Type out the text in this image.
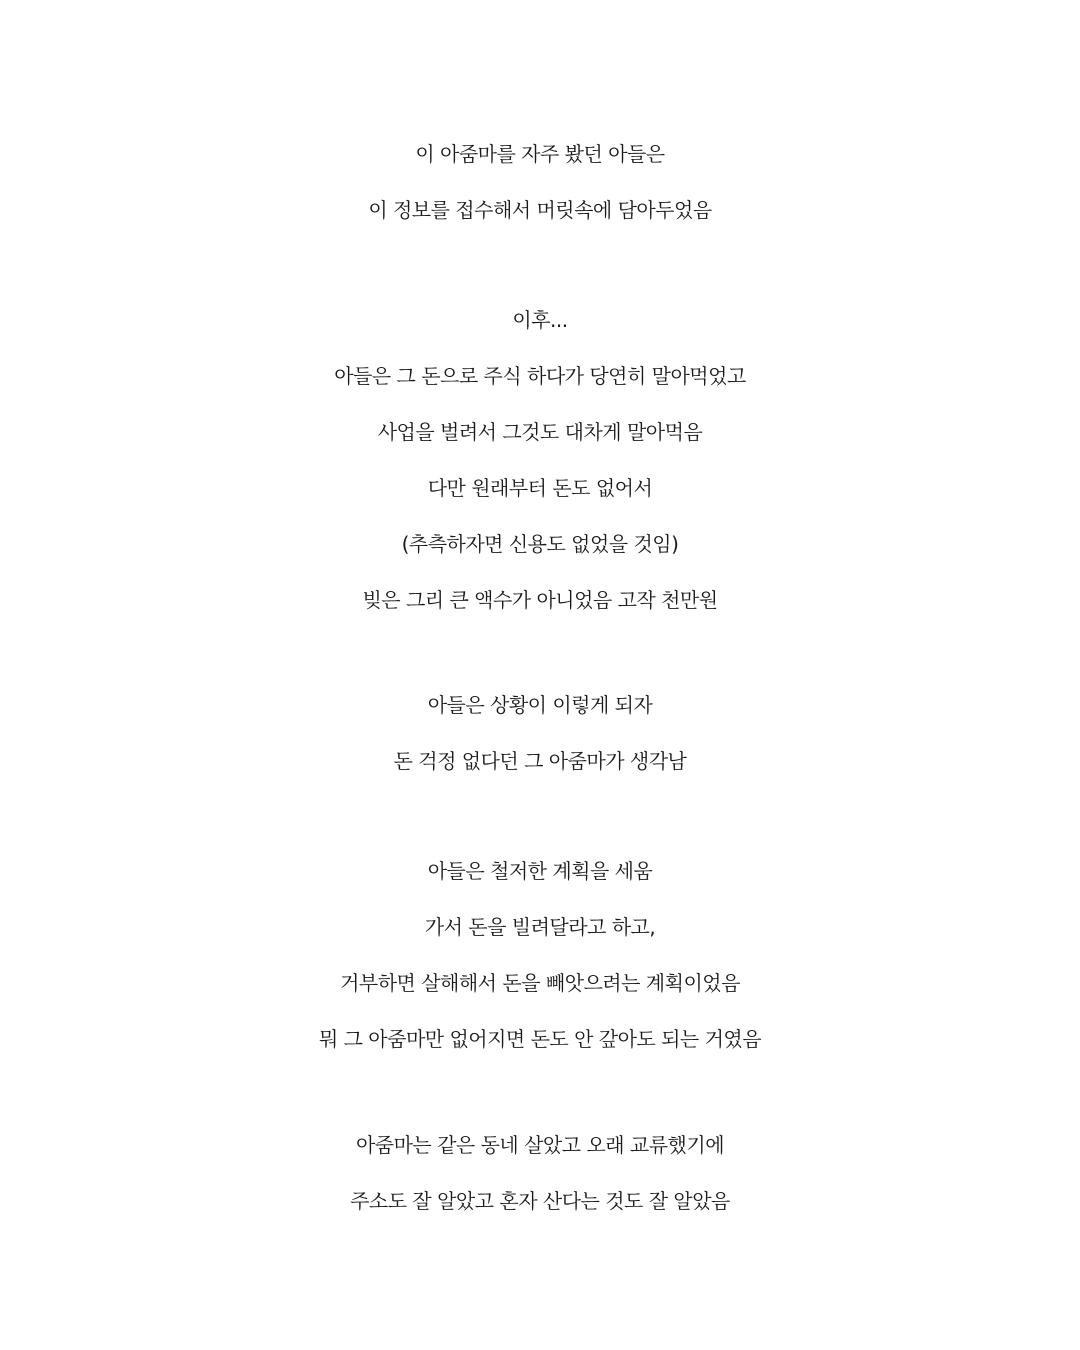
이 아줌마를 자주 봤던 아들은
이 정보를 접수해서 머릿속에 담아두었음
이후...
아들은 그 돈으로 주식 하다가 당연히 말아먹었고
사업을 벌려서 그것도 대차게 말아먹음
다만 원래부터 돈도 없어서
(추측하자면 신용도 없었을 것임)
빚은 그리 큰 액수가 아니었음 고작 천만원
아들은 상황이 이렇게 되자
돈 걱정 없다던 그 아줌마가 생각남
아들은 철저한 계획을 세움
가서 돈을 빌려달라고 하고,
거부하면 살해해서 돈을 빼앗으려는 계획이었음
뭐 그 아줌마만 없어지면 돈도 안 갚아도 되는 거였음
아줌마는 같은 동네 살았고 오래 교류했기에
주소도 잘 알았고 혼자 산다는 것도 잘 알았음
